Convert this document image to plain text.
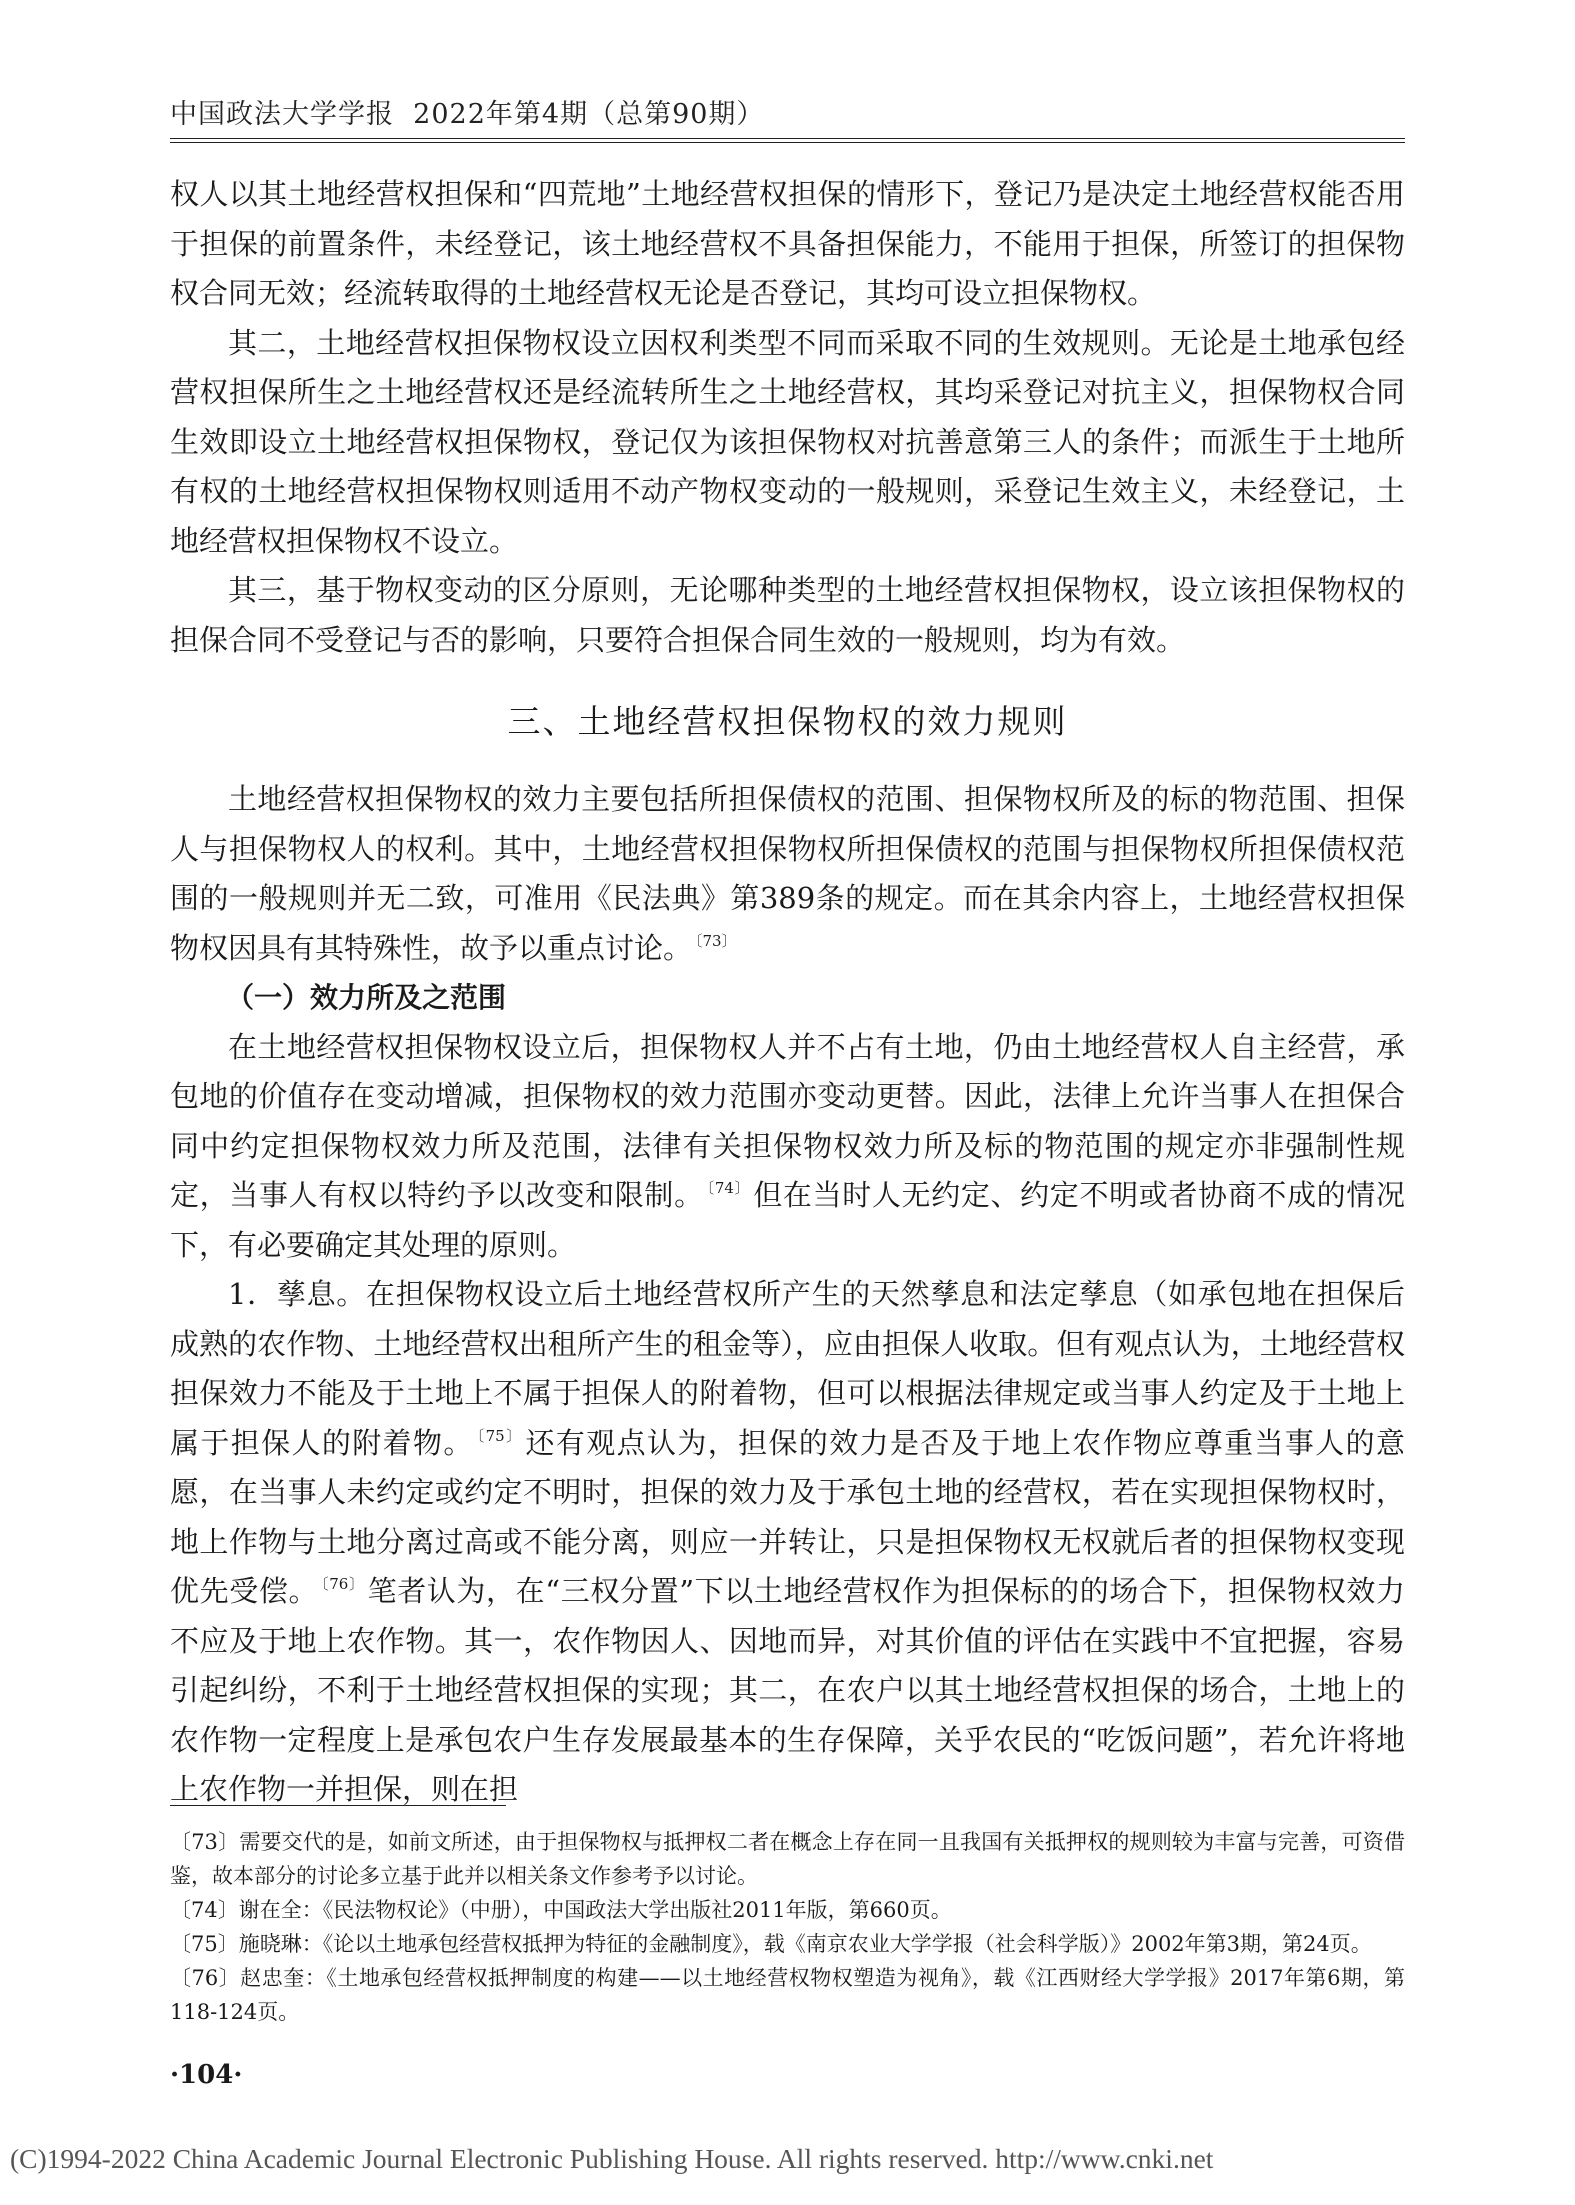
中国政法大学学报 2022年第4期（总第90期）

权人以其土地经营权担保和“四荒地”土地经营权担保的情形下，登记乃是决定土地经营权能否用于担保的前置条件，未经登记，该土地经营权不具备担保能力，不能用于担保，所签订的担保物权合同无效；经流转取得的土地经营权无论是否登记，其均可设立担保物权。

其二，土地经营权担保物权设立因权利类型不同而采取不同的生效规则。无论是土地承包经营权担保所生之土地经营权还是经流转所生之土地经营权，其均采登记对抗主义，担保物权合同生效即设立土地经营权担保物权，登记仅为该担保物权对抗善意第三人的条件；而派生于土地所有权的土地经营权担保物权则适用不动产物权变动的一般规则，采登记生效主义，未经登记，土地经营权担保物权不设立。

其三，基于物权变动的区分原则，无论哪种类型的土地经营权担保物权，设立该担保物权的担保合同不受登记与否的影响，只要符合担保合同生效的一般规则，均为有效。

三、土地经营权担保物权的效力规则

土地经营权担保物权的效力主要包括所担保债权的范围、担保物权所及的标的物范围、担保人与担保物权人的权利。其中，土地经营权担保物权所担保债权的范围与担保物权所担保债权范围的一般规则并无二致，可准用《民法典》第389条的规定。而在其余内容上，土地经营权担保物权因具有其特殊性，故予以重点讨论。 $^{〔73〕}$

（一）效力所及之范围

在土地经营权担保物权设立后，担保物权人并不占有土地，仍由土地经营权人自主经营，承包地的价值存在变动增减，担保物权的效力范围亦变动更替。因此，法律上允许当事人在担保合同中约定担保物权效力所及范围，法律有关担保物权效力所及标的物范围的规定亦非强制性规定，当事人有权以特约予以改变和限制。 $^{〔74〕}$ 但在当时人无约定、约定不明或者协商不成的情况下，有必要确定其处理的原则。

1．孳息。在担保物权设立后土地经营权所产生的天然孳息和法定孳息（如承包地在担保后成熟的农作物、土地经营权出租所产生的租金等），应由担保人收取。但有观点认为，土地经营权担保效力不能及于土地上不属于担保人的附着物，但可以根据法律规定或当事人约定及于土地上属于担保人的附着物。 $^{〔75〕}$ 还有观点认为，担保的效力是否及于地上农作物应尊重当事人的意愿，在当事人未约定或约定不明时，担保的效力及于承包土地的经营权，若在实现担保物权时，地上作物与土地分离过高或不能分离，则应一并转让，只是担保物权无权就后者的担保物权变现优先受偿。 $^{〔76〕}$ 笔者认为，在“三权分置”下以土地经营权作为担保标的的场合下，担保物权效力不应及于地上农作物。其一，农作物因人、因地而异，对其价值的评估在实践中不宜把握，容易引起纠纷，不利于土地经营权担保的实现；其二，在农户以其土地经营权担保的场合，土地上的农作物一定程度上是承包农户生存发展最基本的生存保障，关乎农民的“吃饭问题”，若允许将地上农作物一并担保，则在担

〔73〕需要交代的是，如前文所述，由于担保物权与抵押权二者在概念上存在同一且我国有关抵押权的规则较为丰富与完善，可资借鉴，故本部分的讨论多立基于此并以相关条文作参考予以讨论。

〔74〕谢在全：《民法物权论》（中册），中国政法大学出版社2011年版，第660页。

〔75〕施晓琳：《论以土地承包经营权抵押为特征的金融制度》，载《南京农业大学学报（社会科学版）》2002年第3期，第24页。

〔76〕赵忠奎：《土地承包经营权抵押制度的构建——以土地经营权物权塑造为视角》，载《江西财经大学学报》2017年第6期，第118-124页。

·104·
(C)1994-2022 China Academic Journal Electronic Publishing House. All rights reserved. http://www.cnki.net
